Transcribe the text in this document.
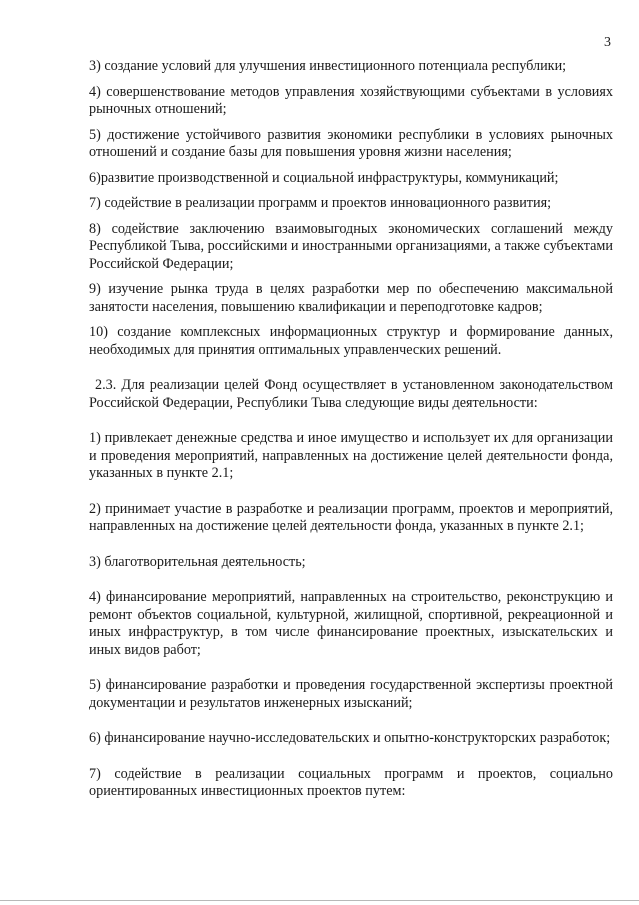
3

3) создание условий для улучшения инвестиционного потенциала республики;

4) совершенствование методов управления хозяйствующими субъектами в условиях рыночных отношений;

5) достижение устойчивого развития экономики республики в условиях рыночных отношений и создание базы для повышения уровня жизни населения;

6)развитие производственной и социальной инфраструктуры, коммуникаций;

7) содействие в реализации программ и проектов инновационного развития;

8) содействие заключению взаимовыгодных экономических соглашений между Республикой Тыва, российскими и иностранными организациями, а также субъектами Российской Федерации;

9) изучение рынка труда в целях разработки мер по обеспечению максимальной занятости населения, повышению квалификации и переподготовке кадров;

10) создание комплексных информационных структур и формирование данных, необходимых для принятия оптимальных управленческих решений.

2.3. Для реализации целей Фонд осуществляет в установленном законодательством Российской Федерации, Республики Тыва следующие виды деятельности:

1) привлекает денежные средства и иное имущество и использует их для организации и проведения мероприятий, направленных на достижение целей деятельности фонда, указанных в пункте 2.1;

2) принимает участие в разработке и реализации программ, проектов и мероприятий, направленных на достижение целей деятельности фонда, указанных в пункте 2.1;

3) благотворительная деятельность;

4) финансирование мероприятий, направленных на строительство, реконструкцию и ремонт объектов социальной, культурной, жилищной, спортивной, рекреационной и иных инфраструктур, в том числе финансирование проектных, изыскательских и иных видов работ;

5) финансирование разработки и проведения государственной экспертизы проектной документации и результатов инженерных изысканий;

6) финансирование научно-исследовательских и опытно-конструкторских разработок;

7) содействие в реализации социальных программ и проектов, социально ориентированных инвестиционных проектов путем:
